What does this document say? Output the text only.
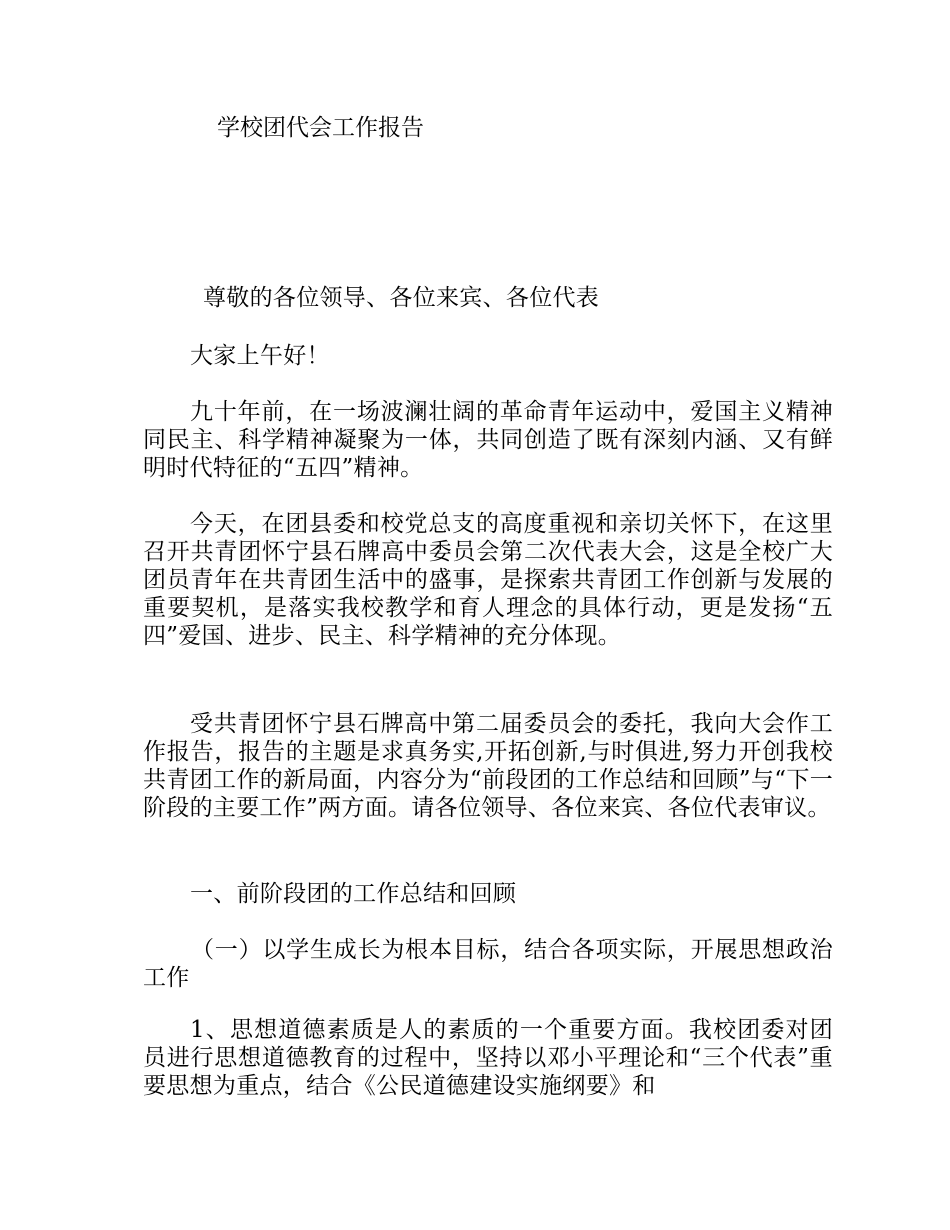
学校团代会工作报告
尊敬的各位领导、各位来宾、各位代表
大家上午好！
九十年前，在一场波澜壮阔的革命青年运动中，爱国主义精神同民主、科学精神凝聚为一体，共同创造了既有深刻内涵、又有鲜明时代特征的“五四”精神。
今天，在团县委和校党总支的高度重视和亲切关怀下，在这里召开共青团怀宁县石牌高中委员会第二次代表大会，这是全校广大团员青年在共青团生活中的盛事，是探索共青团工作创新与发展的重要契机，是落实我校教学和育人理念的具体行动，更是发扬“五四”爱国、进步、民主、科学精神的充分体现。
受共青团怀宁县石牌高中第二届委员会的委托，我向大会作工作报告，报告的主题是求真务实,开拓创新,与时俱进,努力开创我校共青团工作的新局面，内容分为“前段团的工作总结和回顾”与“下一阶段的主要工作”两方面。请各位领导、各位来宾、各位代表审议。
一、前阶段团的工作总结和回顾
（一）以学生成长为根本目标，结合各项实际，开展思想政治工作
1、思想道德素质是人的素质的一个重要方面。我校团委对团员进行思想道德教育的过程中，坚持以邓小平理论和“三个代表”重要思想为重点，结合《公民道德建设实施纲要》和
